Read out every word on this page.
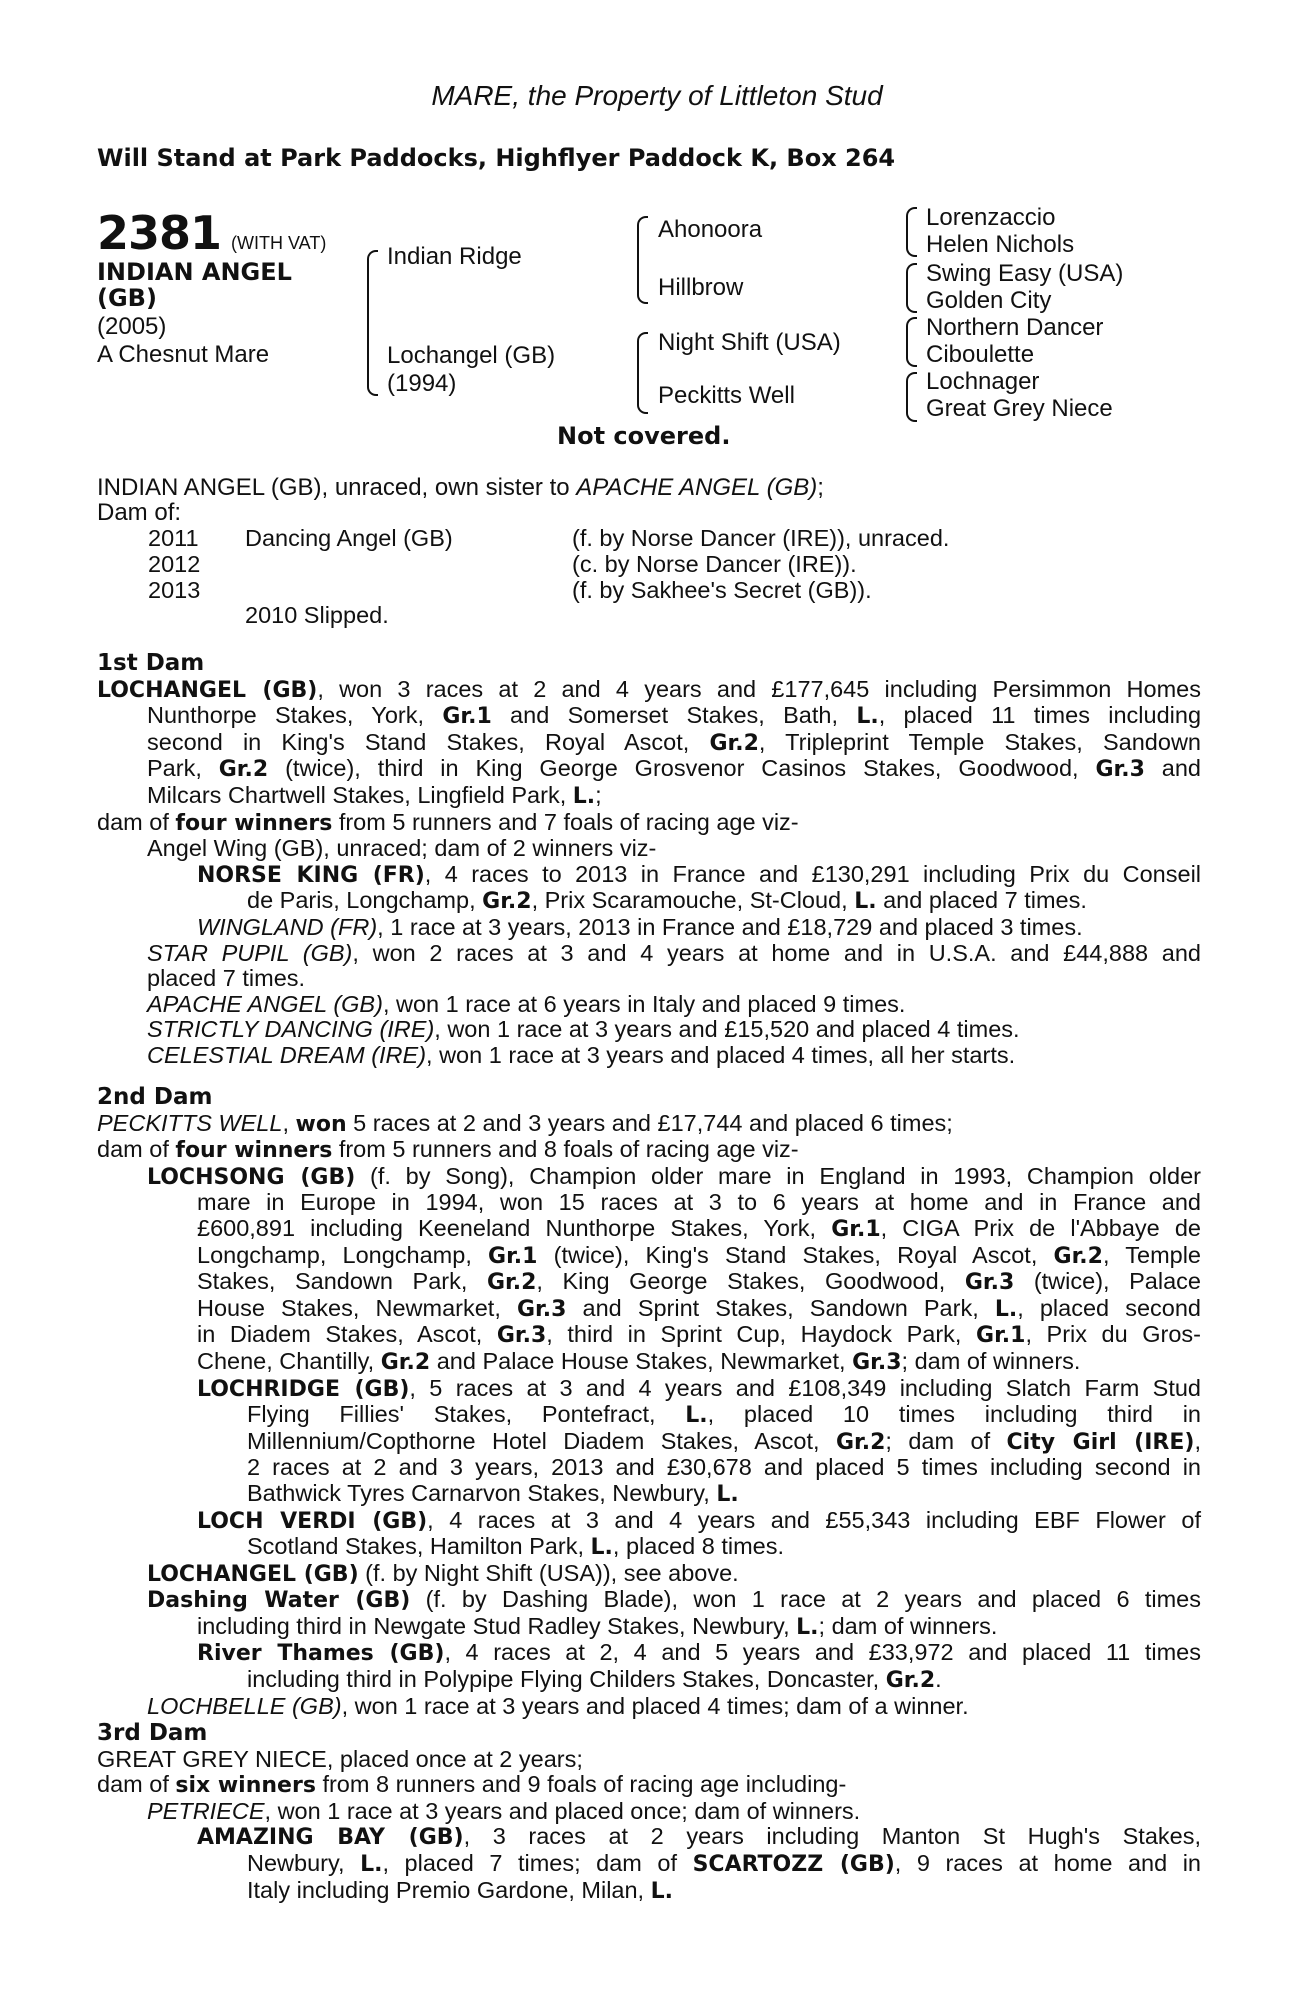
MARE, the Property of Littleton Stud
Will Stand at Park Paddocks, Highflyer Paddock K, Box 264
2381 (WITH VAT)
INDIAN ANGEL
(GB)
(2005)
A Chesnut Mare
Indian Ridge
Lochangel (GB)
(1994)
Ahonoora
Hillbrow
Night Shift (USA)
Peckitts Well
Lorenzaccio
Helen Nichols
Swing Easy (USA)
Golden City
Northern Dancer
Ciboulette
Lochnager
Great Grey Niece
Not covered.
INDIAN ANGEL (GB), unraced, own sister to APACHE ANGEL (GB);
Dam of:
2011 Dancing Angel (GB)	(f. by Norse Dancer (IRE)), unraced.
2012	(c. by Norse Dancer (IRE)).
2013	(f. by Sakhee's Secret (GB)).
2010 Slipped.
1st Dam
LOCHANGEL (GB), won 3 races at 2 and 4 years and £177,645 including Persimmon Homes
Nunthorpe Stakes, York, Gr.1 and Somerset Stakes, Bath, L., placed 11 times including
second in King's Stand Stakes, Royal Ascot, Gr.2, Tripleprint Temple Stakes, Sandown
Park, Gr.2 (twice), third in King George Grosvenor Casinos Stakes, Goodwood, Gr.3 and
Milcars Chartwell Stakes, Lingfield Park, L.;
dam of four winners from 5 runners and 7 foals of racing age viz-
Angel Wing (GB), unraced; dam of 2 winners viz-
NORSE KING (FR), 4 races to 2013 in France and £130,291 including Prix du Conseil
de Paris, Longchamp, Gr.2, Prix Scaramouche, St-Cloud, L. and placed 7 times.
WINGLAND (FR), 1 race at 3 years, 2013 in France and £18,729 and placed 3 times.
STAR PUPIL (GB), won 2 races at 3 and 4 years at home and in U.S.A. and £44,888 and
placed 7 times.
APACHE ANGEL (GB), won 1 race at 6 years in Italy and placed 9 times.
STRICTLY DANCING (IRE), won 1 race at 3 years and £15,520 and placed 4 times.
CELESTIAL DREAM (IRE), won 1 race at 3 years and placed 4 times, all her starts.
2nd Dam
PECKITTS WELL, won 5 races at 2 and 3 years and £17,744 and placed 6 times;
dam of four winners from 5 runners and 8 foals of racing age viz-
LOCHSONG (GB) (f. by Song), Champion older mare in England in 1993, Champion older
mare in Europe in 1994, won 15 races at 3 to 6 years at home and in France and
£600,891 including Keeneland Nunthorpe Stakes, York, Gr.1, CIGA Prix de l'Abbaye de
Longchamp, Longchamp, Gr.1 (twice), King's Stand Stakes, Royal Ascot, Gr.2, Temple
Stakes, Sandown Park, Gr.2, King George Stakes, Goodwood, Gr.3 (twice), Palace
House Stakes, Newmarket, Gr.3 and Sprint Stakes, Sandown Park, L., placed second
in Diadem Stakes, Ascot, Gr.3, third in Sprint Cup, Haydock Park, Gr.1, Prix du Gros-
Chene, Chantilly, Gr.2 and Palace House Stakes, Newmarket, Gr.3; dam of winners.
LOCHRIDGE (GB), 5 races at 3 and 4 years and £108,349 including Slatch Farm Stud
Flying Fillies' Stakes, Pontefract, L., placed 10 times including third in
Millennium/Copthorne Hotel Diadem Stakes, Ascot, Gr.2; dam of City Girl (IRE),
2 races at 2 and 3 years, 2013 and £30,678 and placed 5 times including second in
Bathwick Tyres Carnarvon Stakes, Newbury, L.
LOCH VERDI (GB), 4 races at 3 and 4 years and £55,343 including EBF Flower of
Scotland Stakes, Hamilton Park, L., placed 8 times.
LOCHANGEL (GB) (f. by Night Shift (USA)), see above.
Dashing Water (GB) (f. by Dashing Blade), won 1 race at 2 years and placed 6 times
including third in Newgate Stud Radley Stakes, Newbury, L.; dam of winners.
River Thames (GB), 4 races at 2, 4 and 5 years and £33,972 and placed 11 times
including third in Polypipe Flying Childers Stakes, Doncaster, Gr.2.
LOCHBELLE (GB), won 1 race at 3 years and placed 4 times; dam of a winner.
3rd Dam
GREAT GREY NIECE, placed once at 2 years;
dam of six winners from 8 runners and 9 foals of racing age including-
PETRIECE, won 1 race at 3 years and placed once; dam of winners.
AMAZING BAY (GB), 3 races at 2 years including Manton St Hugh's Stakes,
Newbury, L., placed 7 times; dam of SCARTOZZ (GB), 9 races at home and in
Italy including Premio Gardone, Milan, L.
